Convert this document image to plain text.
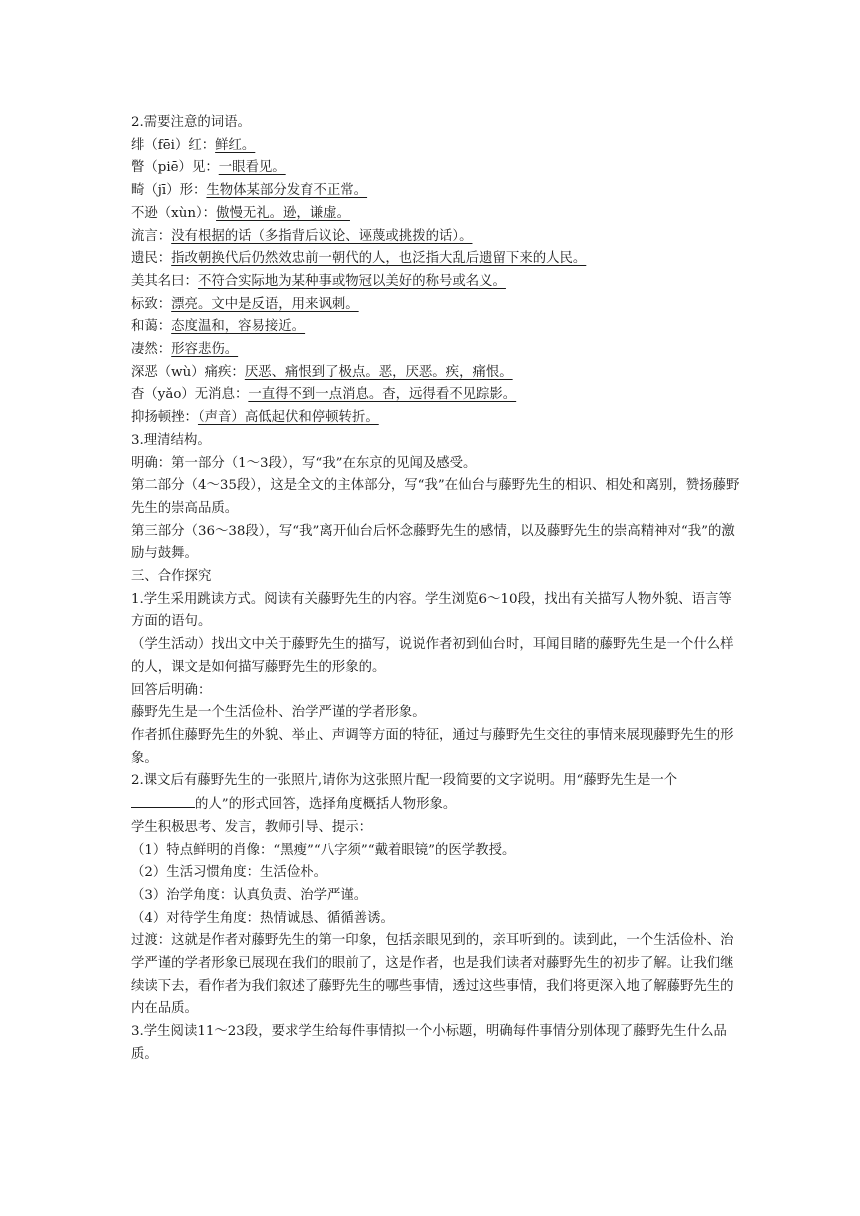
2.需要注意的词语。

绯（fēi）红：鲜红。

瞥（piē）见：一眼看见。

畸（jī）形：生物体某部分发育不正常。

不逊（xùn）：傲慢无礼。逊，谦虚。

流言：没有根据的话（多指背后议论、诬蔑或挑拨的话）。

遗民：指改朝换代后仍然效忠前一朝代的人，也泛指大乱后遗留下来的人民。

美其名曰：不符合实际地为某种事或物冠以美好的称号或名义。

标致：漂亮。文中是反语，用来讽刺。

和蔼：态度温和，容易接近。

凄然：形容悲伤。

深恶（wù）痛疾：厌恶、痛恨到了极点。恶，厌恶。疾，痛恨。

杳（yǎo）无消息：一直得不到一点消息。杳，远得看不见踪影。

抑扬顿挫：（声音）高低起伏和停顿转折。

3.理清结构。

明确：第一部分（1～3段），写“我”在东京的见闻及感受。

第二部分（4～35段），这是全文的主体部分，写“我”在仙台与藤野先生的相识、相处和离别，赞扬藤野先生的崇高品质。

第三部分（36～38段），写“我”离开仙台后怀念藤野先生的感情，以及藤野先生的崇高精神对“我”的激励与鼓舞。

三、合作探究

1.学生采用跳读方式。阅读有关藤野先生的内容。学生浏览6～10段，找出有关描写人物外貌、语言等方面的语句。

（学生活动）找出文中关于藤野先生的描写，说说作者初到仙台时，耳闻目睹的藤野先生是一个什么样的人，课文是如何描写藤野先生的形象的。

回答后明确：

藤野先生是一个生活俭朴、治学严谨的学者形象。

作者抓住藤野先生的外貌、举止、声调等方面的特征，通过与藤野先生交往的事情来展现藤野先生的形象。

2.课文后有藤野先生的一张照片,请你为这张照片配一段简要的文字说明。用“藤野先生是一个的人”的形式回答，选择角度概括人物形象。

学生积极思考、发言，教师引导、提示：

（1）特点鲜明的肖像：“黑瘦”“八字须”“戴着眼镜”的医学教授。

（2）生活习惯角度：生活俭朴。

（3）治学角度：认真负责、治学严谨。

（4）对待学生角度：热情诚恳、循循善诱。

过渡：这就是作者对藤野先生的第一印象，包括亲眼见到的，亲耳听到的。读到此，一个生活俭朴、治学严谨的学者形象已展现在我们的眼前了，这是作者，也是我们读者对藤野先生的初步了解。让我们继续读下去，看作者为我们叙述了藤野先生的哪些事情，透过这些事情，我们将更深入地了解藤野先生的内在品质。

3.学生阅读11～23段，要求学生给每件事情拟一个小标题，明确每件事情分别体现了藤野先生什么品质。
